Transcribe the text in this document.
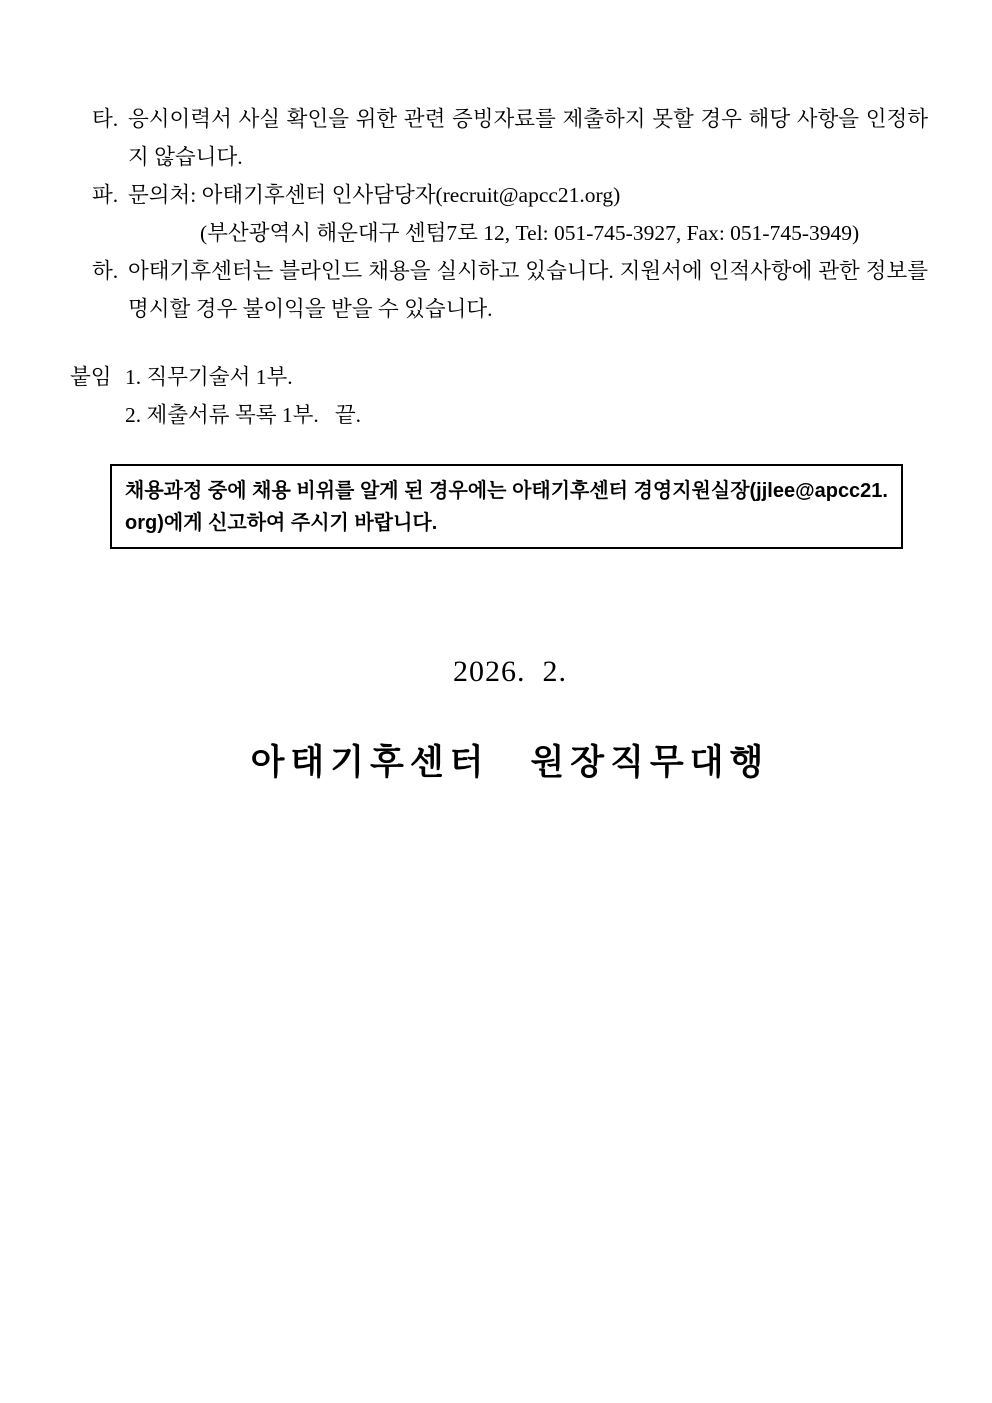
타. 응시이력서 사실 확인을 위한 관련 증빙자료를 제출하지 못할 경우 해당 사항을 인정하지 않습니다.
파. 문의처: 아태기후센터 인사담당자(recruit@apcc21.org)
(부산광역시 해운대구 센텀7로 12, Tel: 051-745-3927, Fax: 051-745-3949)
하. 아태기후센터는 블라인드 채용을 실시하고 있습니다. 지원서에 인적사항에 관한 정보를 명시할 경우 불이익을 받을 수 있습니다.
붙임 1. 직무기술서 1부.
2. 제출서류 목록 1부.   끝.
채용과정 중에 채용 비위를 알게 된 경우에는 아태기후센터 경영지원실장(jjlee@apcc21.org)에게 신고하여 주시기 바랍니다.
2026.  2.
아태기후센터　원장직무대행
